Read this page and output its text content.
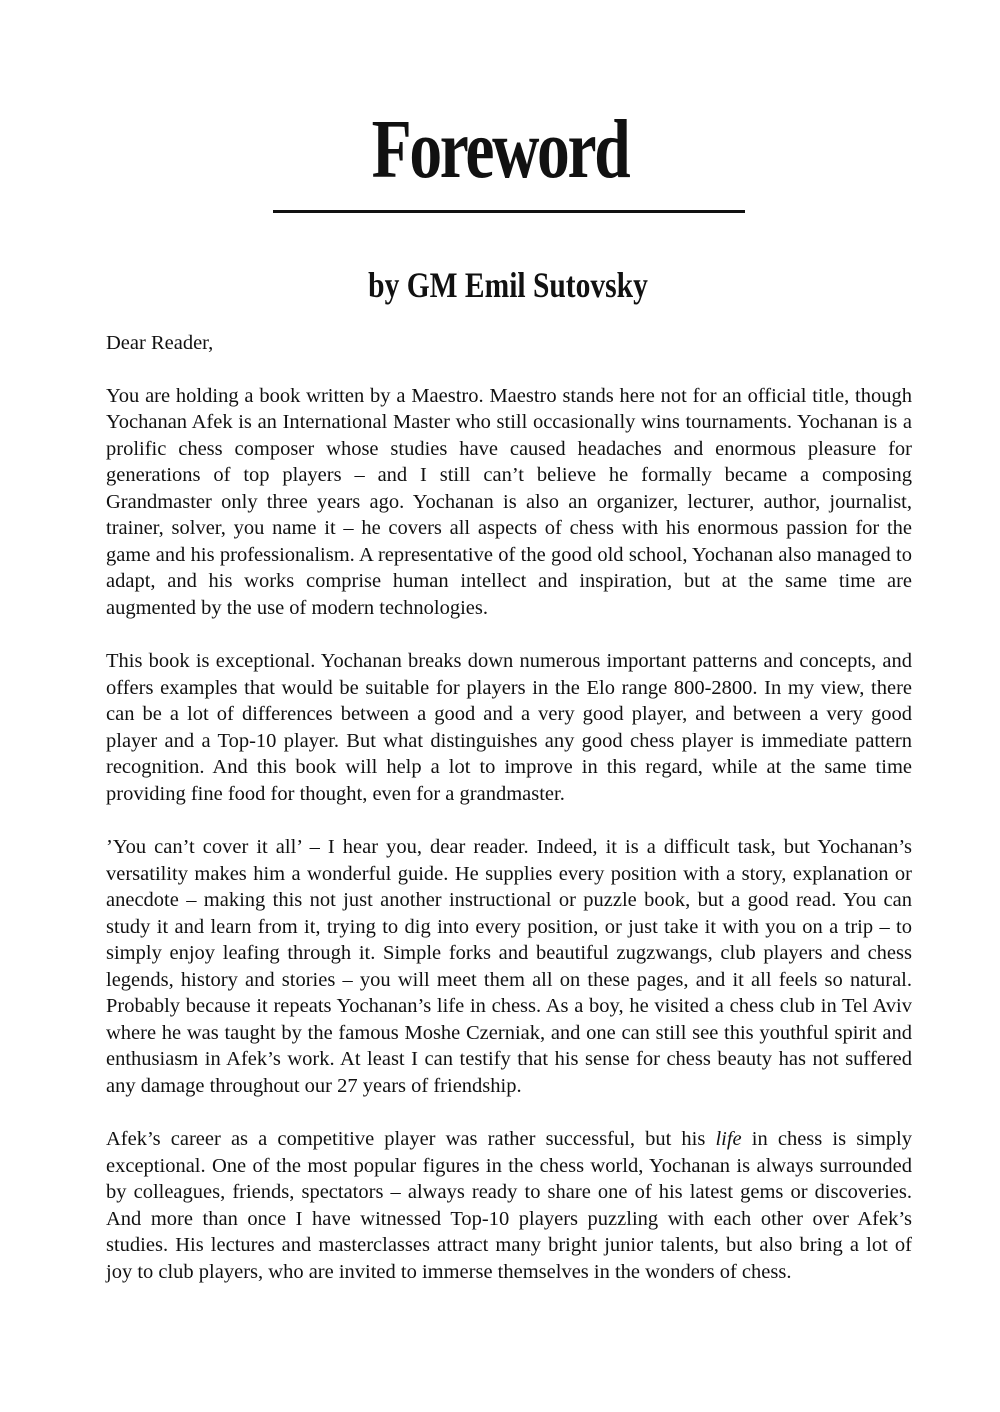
Foreword
by GM Emil Sutovsky

Dear Reader,

You are holding a book written by a Maestro. Maestro stands here not for an official title, though Yochanan Afek is an International Master who still occasionally wins tournaments. Yochanan is a prolific chess composer whose studies have caused headaches and enormous pleasure for generations of top players – and I still can’t believe he formally became a composing Grandmaster only three years ago. Yochanan is also an organizer, lecturer, author, journalist, trainer, solver, you name it – he covers all aspects of chess with his enormous passion for the game and his professionalism. A representative of the good old school, Yochanan also managed to adapt, and his works comprise human intellect and inspiration, but at the same time are augmented by the use of modern technologies.

This book is exceptional. Yochanan breaks down numerous important patterns and concepts, and offers examples that would be suitable for players in the Elo range 800-2800. In my view, there can be a lot of differences between a good and a very good player, and between a very good player and a Top-10 player. But what distinguishes any good chess player is immediate pattern recognition. And this book will help a lot to improve in this regard, while at the same time providing fine food for thought, even for a grandmaster.

’You can’t cover it all’ – I hear you, dear reader. Indeed, it is a difficult task, but Yochanan’s versatility makes him a wonderful guide. He supplies every position with a story, explanation or anecdote – making this not just another instructional or puzzle book, but a good read. You can study it and learn from it, trying to dig into every position, or just take it with you on a trip – to simply enjoy leafing through it. Simple forks and beautiful zugzwangs, club players and chess legends, history and stories – you will meet them all on these pages, and it all feels so natural. Probably because it repeats Yochanan’s life in chess. As a boy, he visited a chess club in Tel Aviv where he was taught by the famous Moshe Czerniak, and one can still see this youthful spirit and enthusiasm in Afek’s work. At least I can testify that his sense for chess beauty has not suffered any damage throughout our 27 years of friendship.

Afek’s career as a competitive player was rather successful, but his life in chess is simply exceptional. One of the most popular figures in the chess world, Yochanan is always surrounded by colleagues, friends, spectators – always ready to share one of his latest gems or discoveries. And more than once I have witnessed Top-10 players puzzling with each other over Afek’s studies. His lectures and masterclasses attract many bright junior talents, but also bring a lot of joy to club players, who are invited to immerse themselves in the wonders of chess.
